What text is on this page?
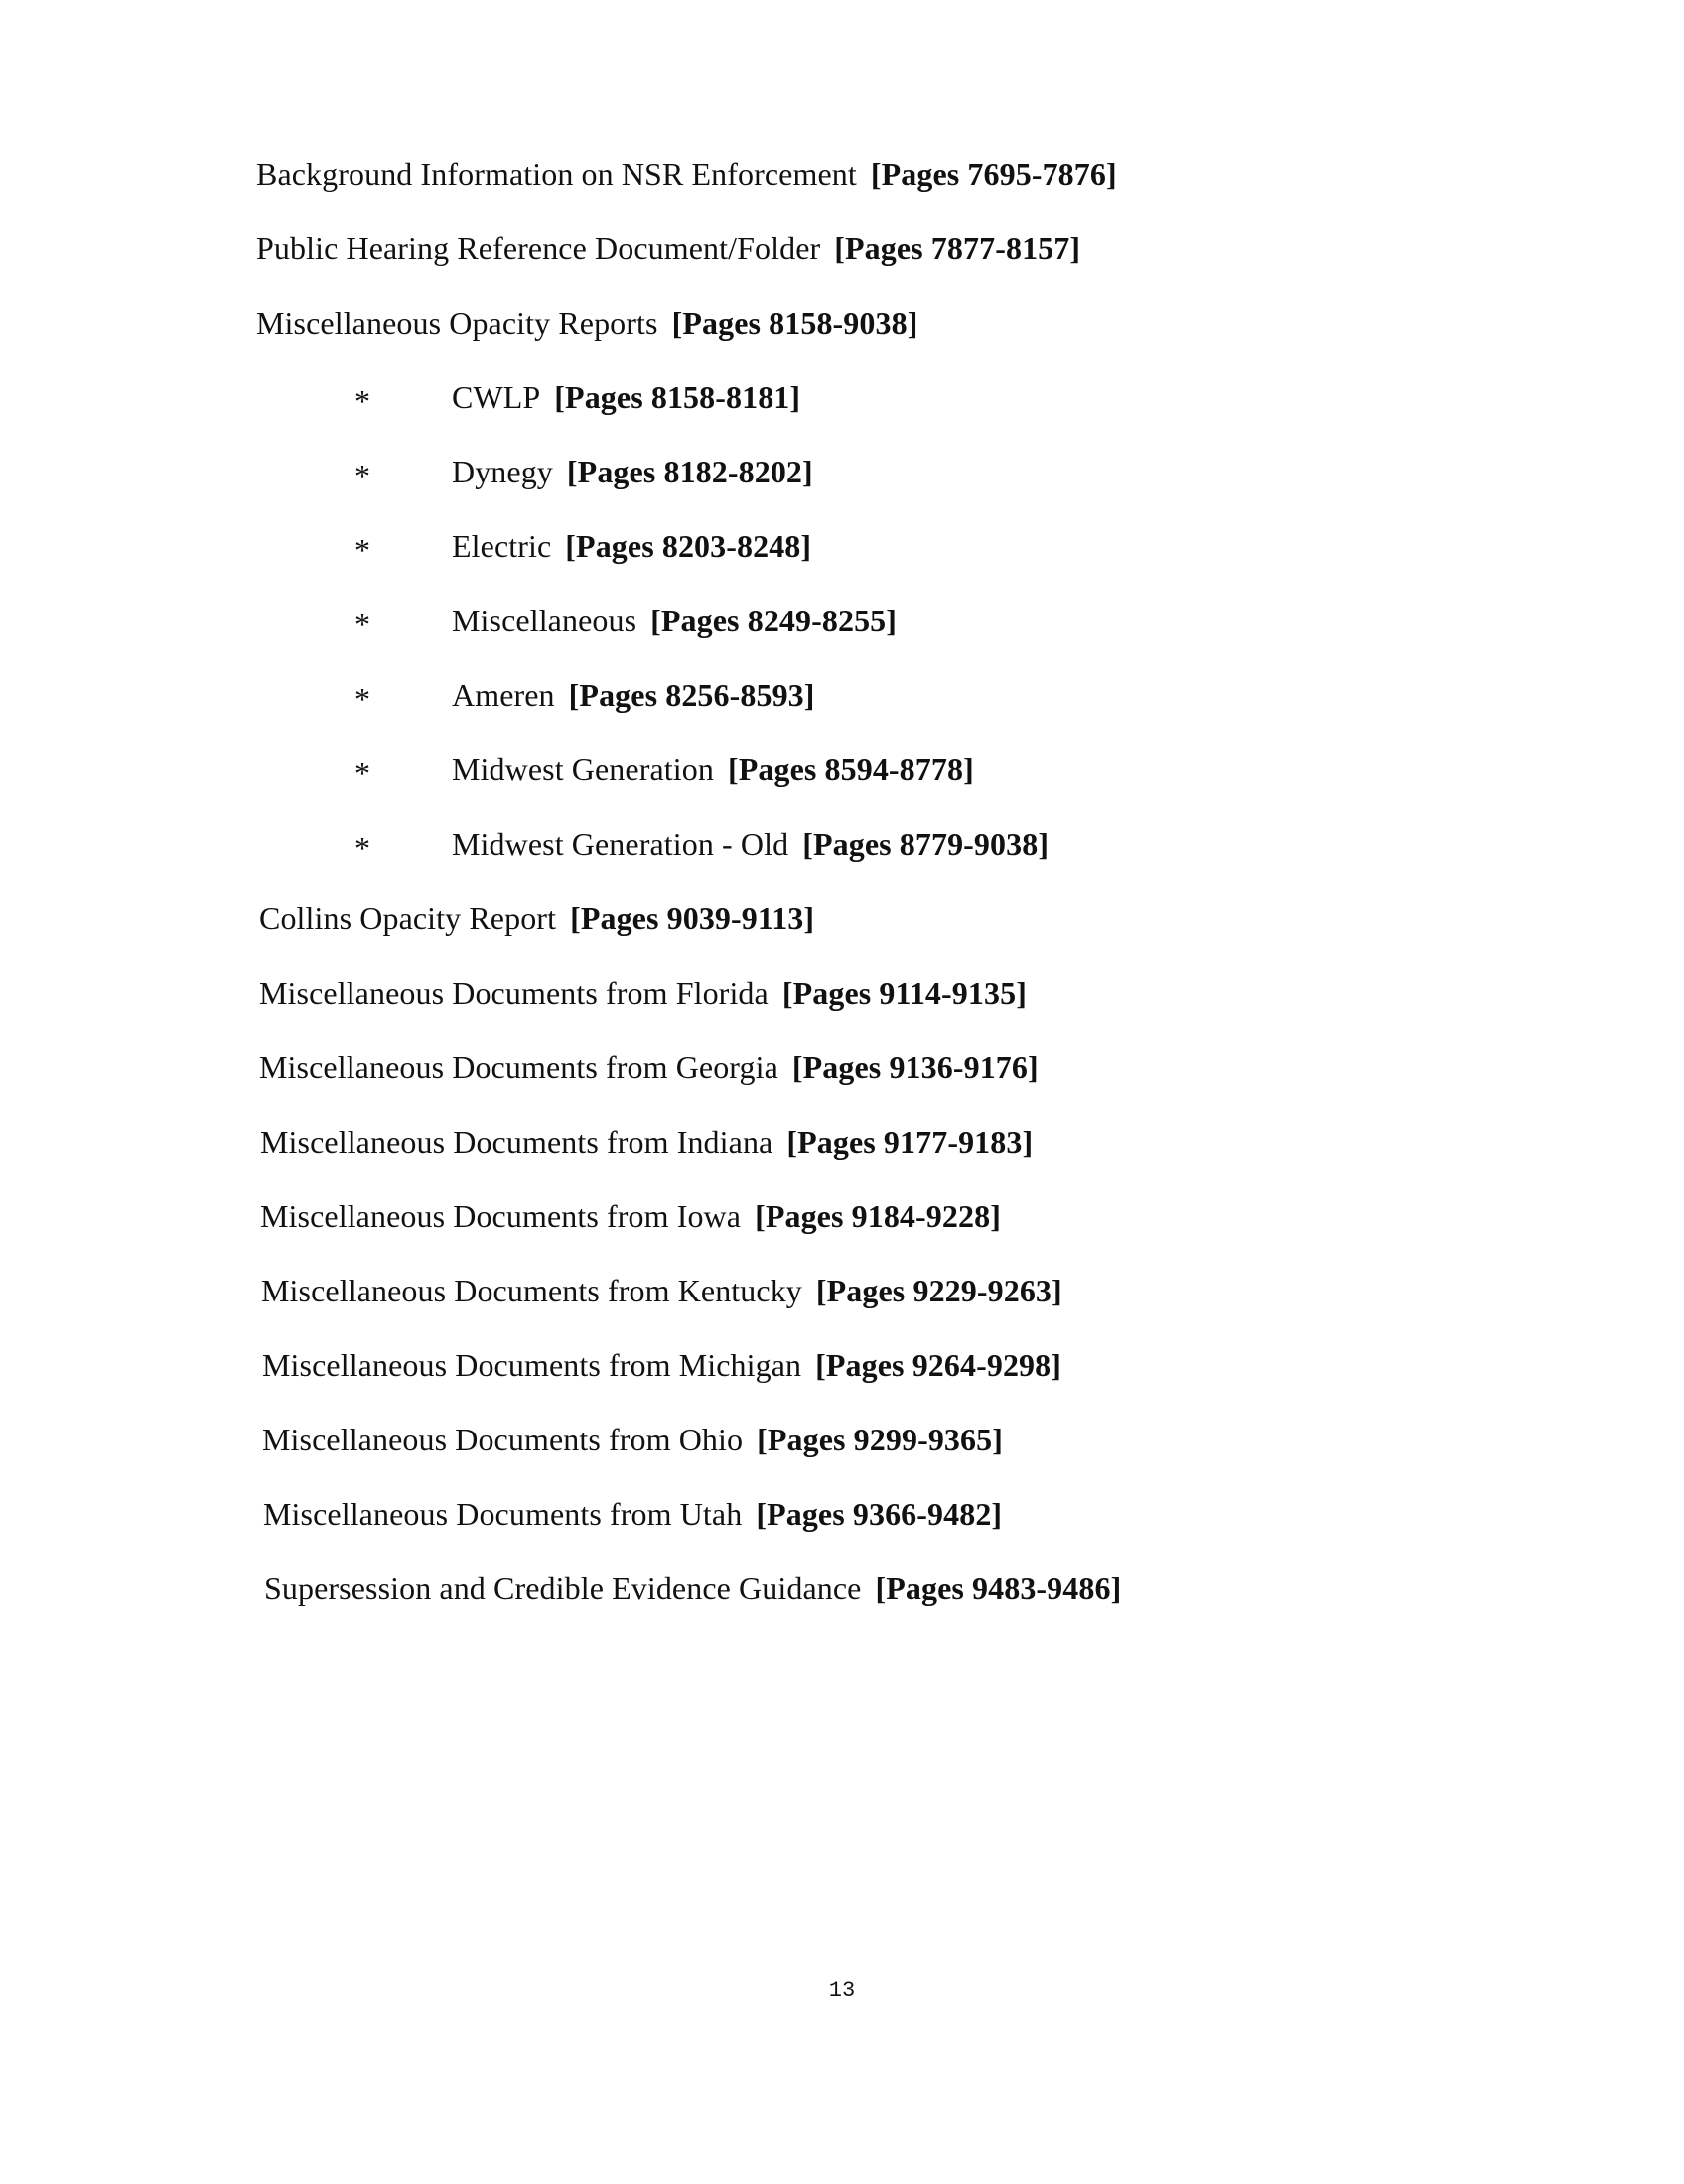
Background Information on NSR Enforcement [Pages 7695-7876]
Public Hearing Reference Document/Folder [Pages 7877-8157]
Miscellaneous Opacity Reports [Pages 8158-9038]
*	CWLP [Pages 8158-8181]
*	Dynegy [Pages 8182-8202]
*	Electric [Pages 8203-8248]
*	Miscellaneous [Pages 8249-8255]
*	Ameren [Pages 8256-8593]
*	Midwest Generation [Pages 8594-8778]
*	Midwest Generation - Old [Pages 8779-9038]
Collins Opacity Report [Pages 9039-9113]
Miscellaneous Documents from Florida [Pages 9114-9135]
Miscellaneous Documents from Georgia [Pages 9136-9176]
Miscellaneous Documents from Indiana [Pages 9177-9183]
Miscellaneous Documents from Iowa [Pages 9184-9228]
Miscellaneous Documents from Kentucky [Pages 9229-9263]
Miscellaneous Documents from Michigan [Pages 9264-9298]
Miscellaneous Documents from Ohio [Pages 9299-9365]
Miscellaneous Documents from Utah [Pages 9366-9482]
Supersession and Credible Evidence Guidance [Pages 9483-9486]
13
